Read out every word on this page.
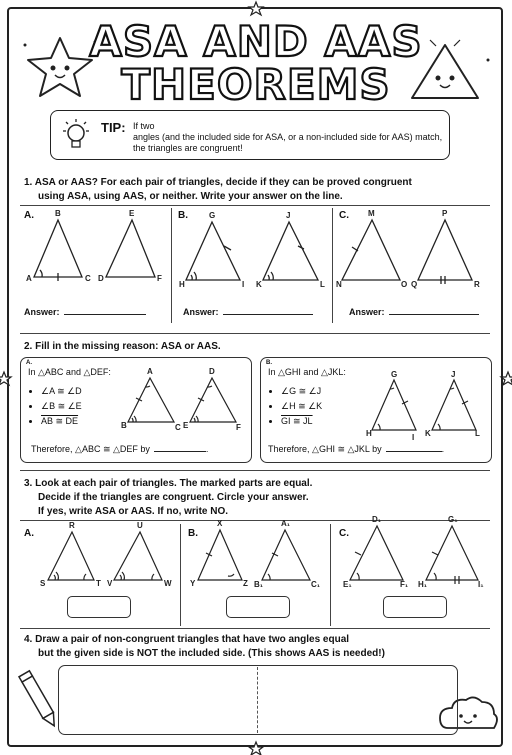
ASA AND AAS
THEOREMS
TIP: If two
angles (and the included side for ASA, or a non-included side for AAS) match,
the triangles are congruent!
1. ASA or AAS? For each pair of triangles, decide if they can be proved congruent
using ASA, using AAS, or neither. Write your answer on the line.
A.	B.	C.
B
A	C
E
D	F
G
H	I
J
K	L
M
N	O
P
Q	R
Answer:	Answer:	Answer:
2. Fill in the missing reason: ASA or AAS.
A.
In △ABC and △DEF:
• ∠A ≅ ∠D
• ∠B ≅ ∠E
• AB ≅ DE
Therefore, △ABC ≅ △DEF by	.
B.
In △GHI and △JKL:
• ∠G ≅ ∠J
• ∠H ≅ ∠K
• GI ≅ JL
Therefore, △GHI ≅ △JKL by	.
A
B	C
D
E	F
G
H	I
J
K	L
3. Look at each pair of triangles. The marked parts are equal.
Decide if the triangles are congruent. Circle your answer.
If yes, write ASA or AAS. If no, write NO.
A.	B.	C.
R
S	T
U
V	W
X
Y	Z
A₁
B₁	C₁
D₁
E₁	F₁
G₁
H₁	I₁
4. Draw a pair of non-congruent triangles that have two angles equal
but the given side is NOT the included side. (This shows AAS is needed!)
